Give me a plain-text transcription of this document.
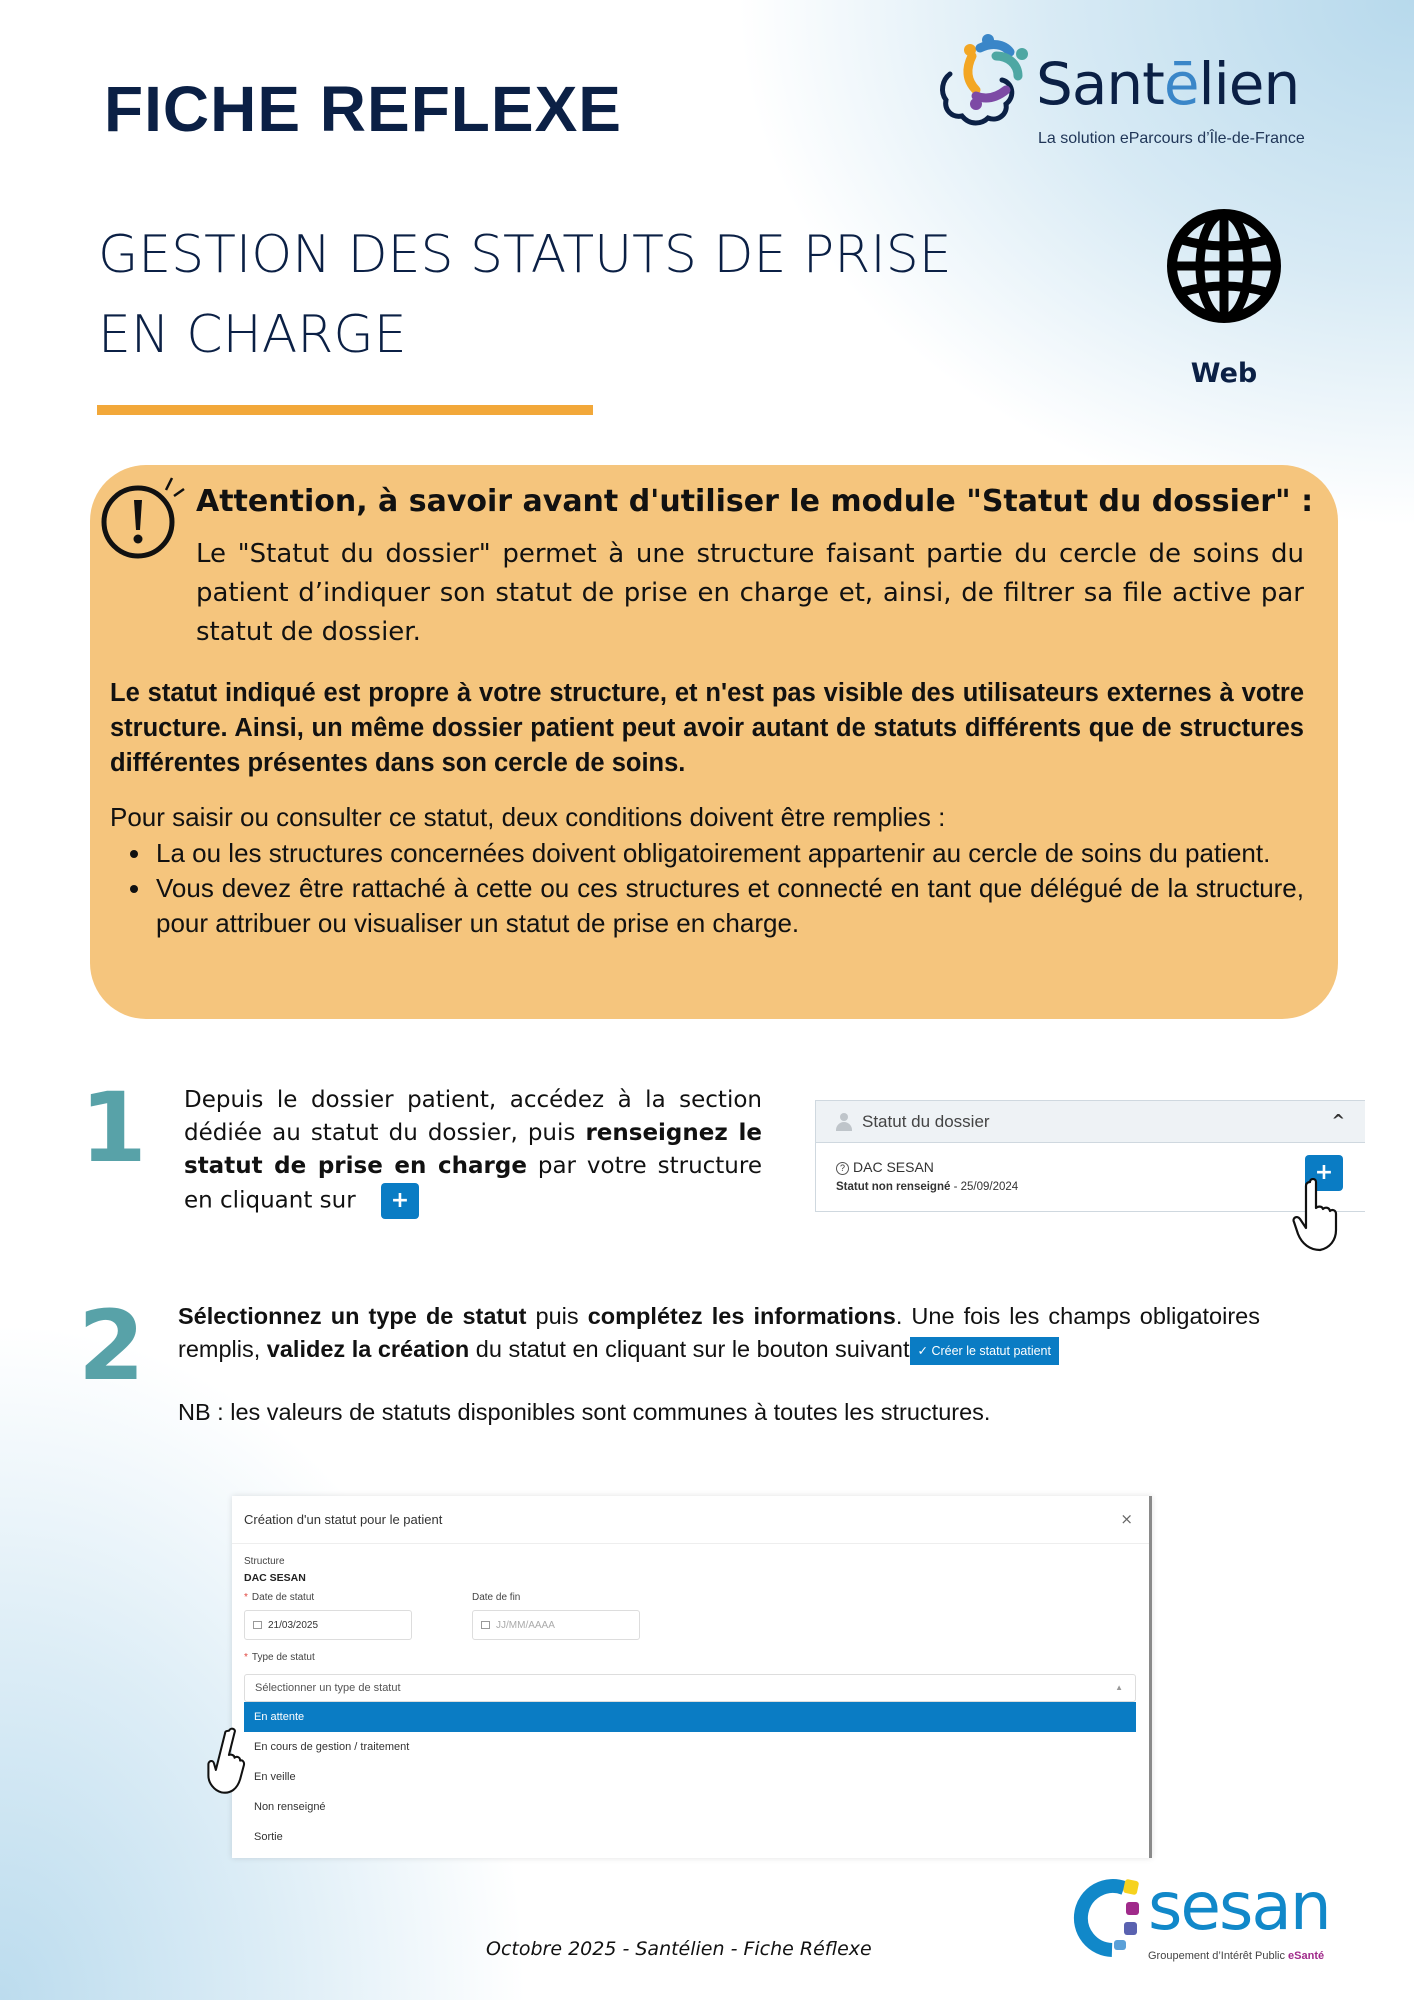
FICHE REFLEXE	Santēlien
La solution eParcours d’Île-de-France
GESTION DES STATUTS DE PRISE
EN CHARGE
Web
Attention, à savoir avant d'utiliser le module "Statut du dossier" :
Le "Statut du dossier" permet à une structure faisant partie du cercle de soins du patient d’indiquer son statut de prise en charge et, ainsi, de filtrer sa file active par statut de dossier.
Le statut indiqué est propre à votre structure, et n'est pas visible des utilisateurs externes à votre structure. Ainsi, un même dossier patient peut avoir autant de statuts différents que de structures différentes présentes dans son cercle de soins.
Pour saisir ou consulter ce statut, deux conditions doivent être remplies :
La ou les structures concernées doivent obligatoirement appartenir au cercle de soins du patient.
Vous devez être rattaché à cette ou ces structures et connecté en tant que délégué de la structure, pour attribuer ou visualiser un statut de prise en charge.
1 Depuis le dossier patient, accédez à la section dédiée au statut du dossier, puis renseignez le statut de prise en charge par votre structure en cliquant sur +
Statut du dossier	^
? DAC SESAN
Statut non renseigné - 25/09/2024
+
2 Sélectionnez un type de statut puis complétez les informations. Une fois les champs obligatoires remplis, validez la création du statut en cliquant sur le bouton suivant ✓ Créer le statut patient
NB : les valeurs de statuts disponibles sont communes à toutes les structures.
Création d'un statut pour le patient	×
Structure
DAC SESAN
* Date de statut	Date de fin
21/03/2025	JJ/MM/AAAA
* Type de statut
Sélectionner un type de statut	▲
En attente
En cours de gestion / traitement
En veille
Non renseigné
Sortie
Octobre 2025 - Santélien - Fiche Réflexe
sesan
Groupement d’Intérêt Public eSanté
